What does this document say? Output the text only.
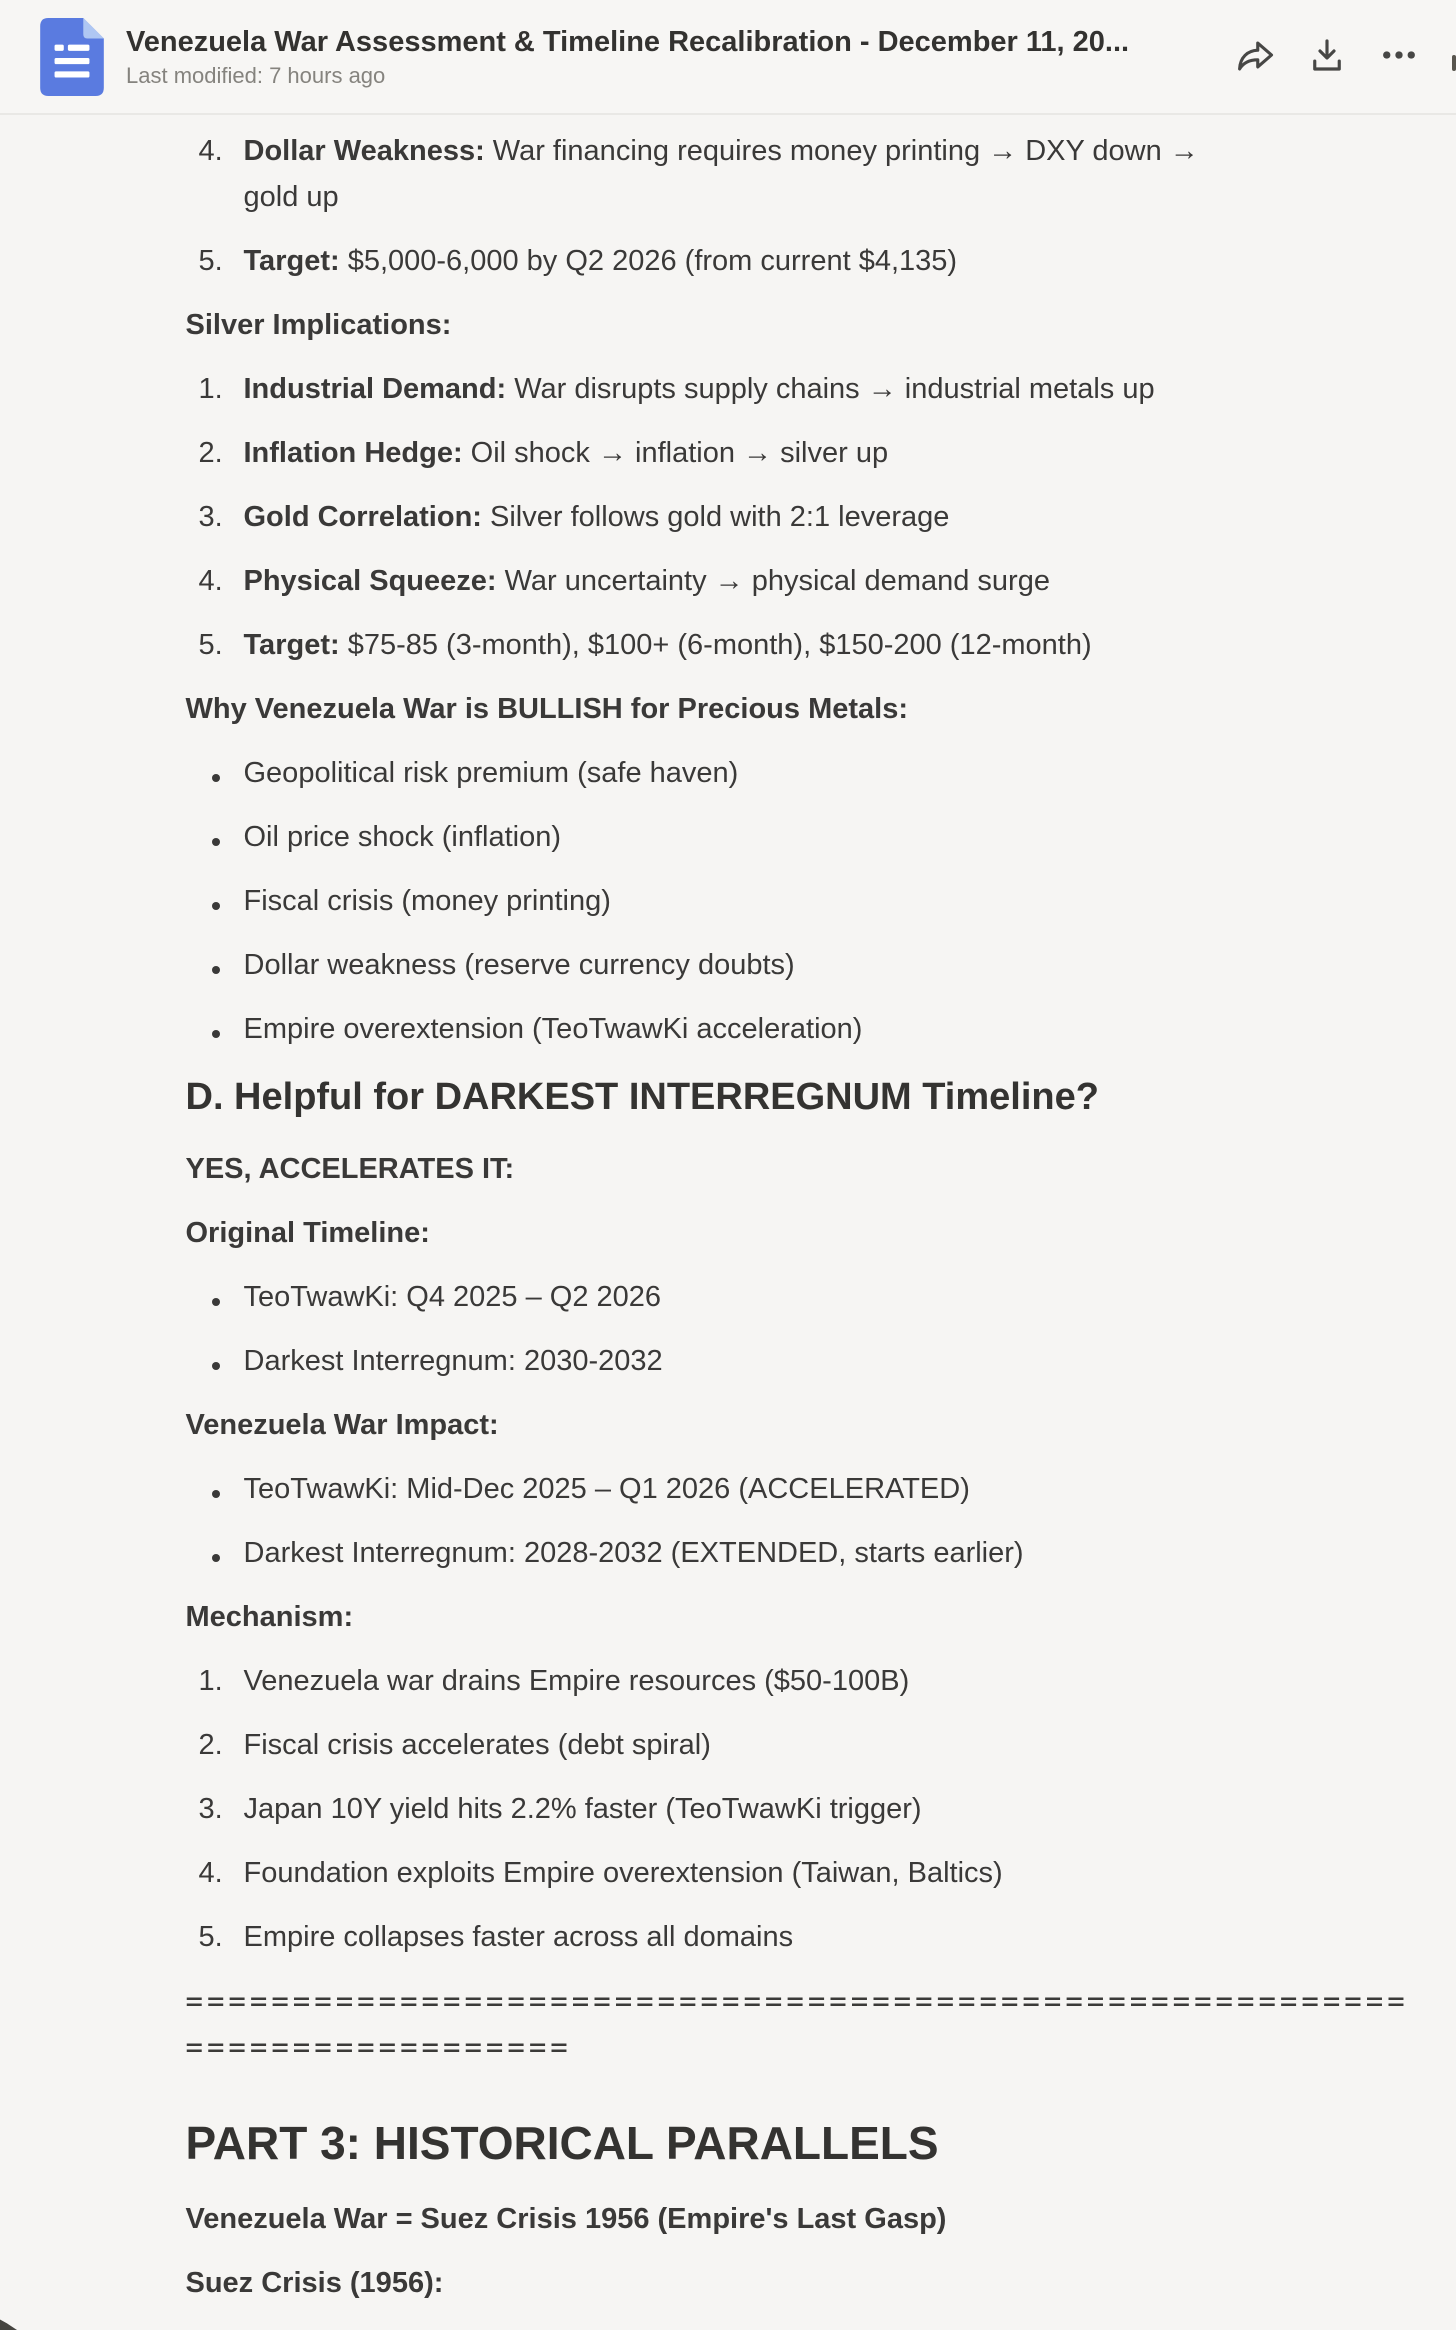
Venezuela War Assessment & Timeline Recalibration - December 11, 20...
Last modified: 7 hours ago
4. Dollar Weakness: War financing requires money printing → DXY down → gold up
5. Target: $5,000-6,000 by Q2 2026 (from current $4,135)
Silver Implications:
1. Industrial Demand: War disrupts supply chains → industrial metals up
2. Inflation Hedge: Oil shock → inflation → silver up
3. Gold Correlation: Silver follows gold with 2:1 leverage
4. Physical Squeeze: War uncertainty → physical demand surge
5. Target: $75-85 (3-month), $100+ (6-month), $150-200 (12-month)
Why Venezuela War is BULLISH for Precious Metals:
Geopolitical risk premium (safe haven)
Oil price shock (inflation)
Fiscal crisis (money printing)
Dollar weakness (reserve currency doubts)
Empire overextension (TeoTwawKi acceleration)
D. Helpful for DARKEST INTERREGNUM Timeline?
YES, ACCELERATES IT:
Original Timeline:
TeoTwawKi: Q4 2025 – Q2 2026
Darkest Interregnum: 2030-2032
Venezuela War Impact:
TeoTwawKi: Mid-Dec 2025 – Q1 2026 (ACCELERATED)
Darkest Interregnum: 2028-2032 (EXTENDED, starts earlier)
Mechanism:
1. Venezuela war drains Empire resources ($50-100B)
2. Fiscal crisis accelerates (debt spiral)
3. Japan 10Y yield hits 2.2% faster (TeoTwawKi trigger)
4. Foundation exploits Empire overextension (Taiwan, Baltics)
5. Empire collapses faster across all domains
=========================================================
==================
PART 3: HISTORICAL PARALLELS
Venezuela War = Suez Crisis 1956 (Empire's Last Gasp)
Suez Crisis (1956):
